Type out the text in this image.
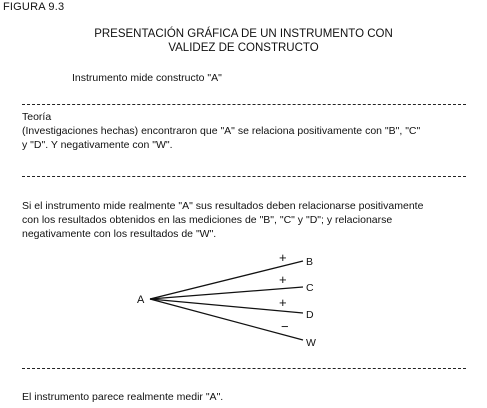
FIGURA 9.3
PRESENTACIÓN GRÁFICA DE UN INSTRUMENTO CON
VALIDEZ DE CONSTRUCTO
Instrumento mide constructo "A"
Teoría
(Investigaciones hechas) encontraron que "A" se relaciona positivamente con "B", "C"
y "D". Y negativamente con "W".
Si el instrumento mide realmente "A" sus resultados deben relacionarse positivamente
con los resultados obtenidos en las mediciones de "B", "C" y "D"; y relacionarse
negativamente con los resultados de "W".
A
+ B
+
C
+
D
−
W
El instrumento parece realmente medir "A".
